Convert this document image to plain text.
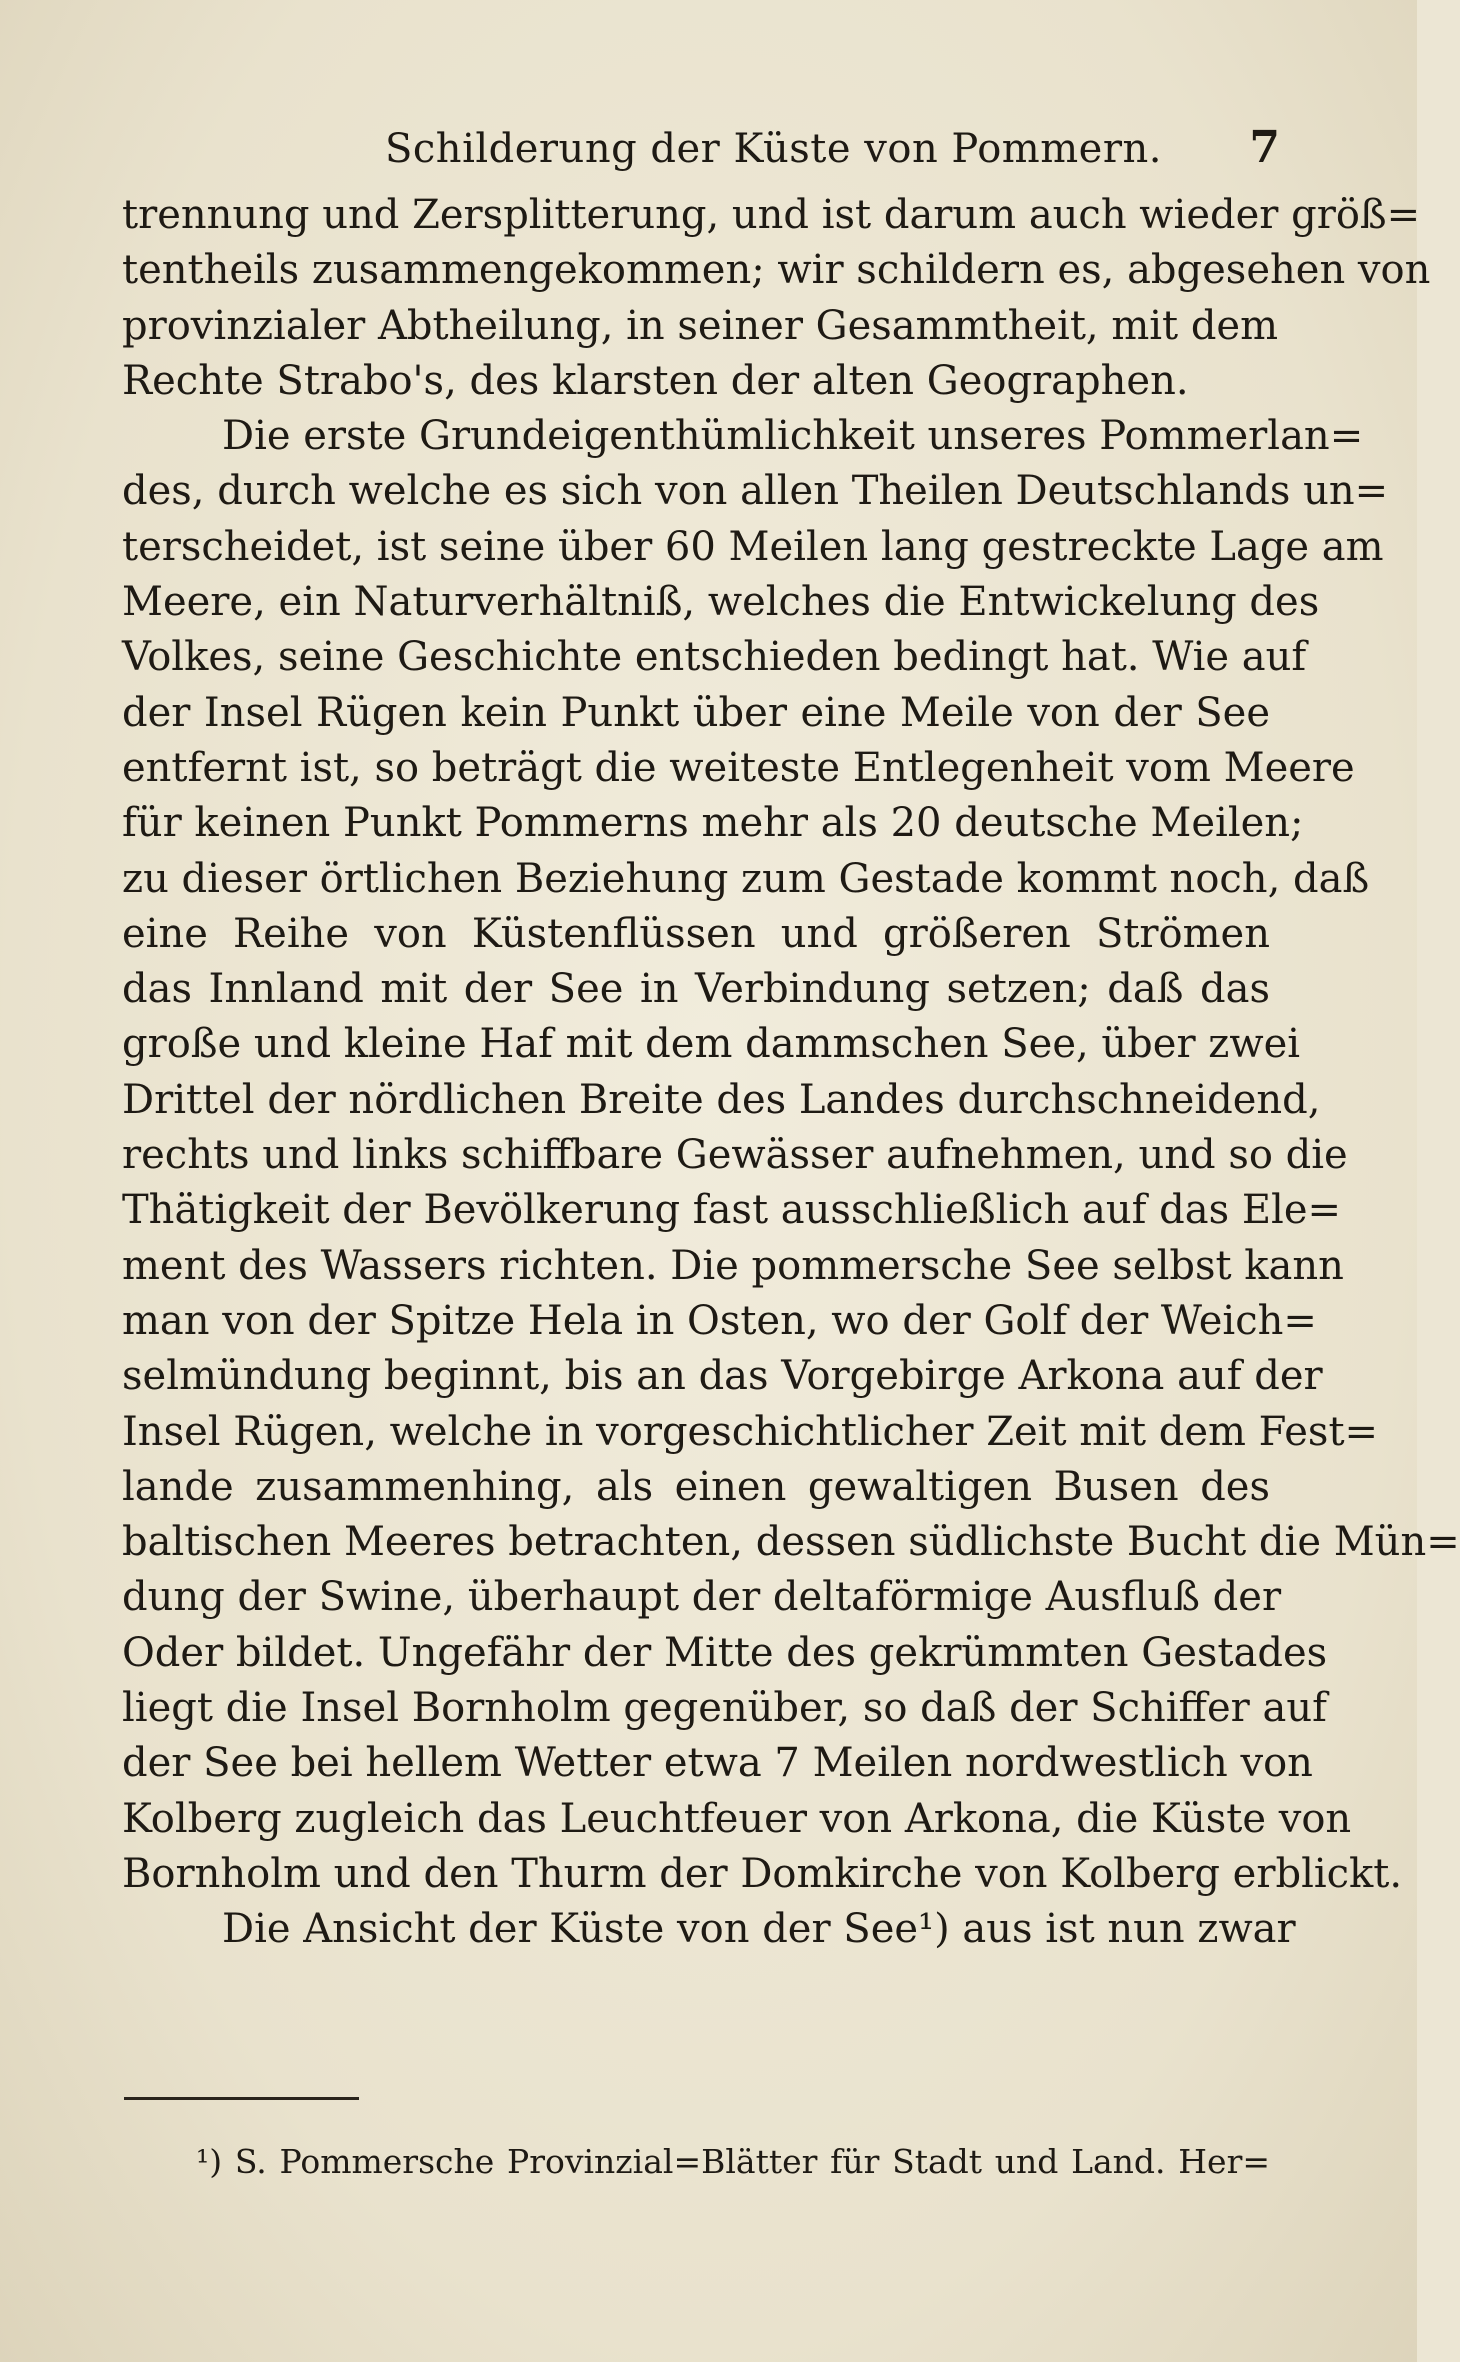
Schilderung der Küste von Pommern. 7
trennung und Zersplitterung, und ist darum auch wieder größ=
tentheils zusammengekommen; wir schildern es, abgesehen von
provinzialer Abtheilung, in seiner Gesammtheit, mit dem
Rechte Strabo's, des klarsten der alten Geographen.
Die erste Grundeigenthümlichkeit unseres Pommerlan=
des, durch welche es sich von allen Theilen Deutschlands un=
terscheidet, ist seine über 60 Meilen lang gestreckte Lage am
Meere, ein Naturverhältniß, welches die Entwickelung des
Volkes, seine Geschichte entschieden bedingt hat. Wie auf
der Insel Rügen kein Punkt über eine Meile von der See
entfernt ist, so beträgt die weiteste Entlegenheit vom Meere
für keinen Punkt Pommerns mehr als 20 deutsche Meilen;
zu dieser örtlichen Beziehung zum Gestade kommt noch, daß
eine Reihe von Küstenflüssen und größeren Strömen
das Innland mit der See in Verbindung setzen; daß das
große und kleine Haf mit dem dammschen See, über zwei
Drittel der nördlichen Breite des Landes durchschneidend,
rechts und links schiffbare Gewässer aufnehmen, und so die
Thätigkeit der Bevölkerung fast ausschließlich auf das Ele=
ment des Wassers richten. Die pommersche See selbst kann
man von der Spitze Hela in Osten, wo der Golf der Weich=
selmündung beginnt, bis an das Vorgebirge Arkona auf der
Insel Rügen, welche in vorgeschichtlicher Zeit mit dem Fest=
lande zusammenhing, als einen gewaltigen Busen des
baltischen Meeres betrachten, dessen südlichste Bucht die Mün=
dung der Swine, überhaupt der deltaförmige Ausfluß der
Oder bildet. Ungefähr der Mitte des gekrümmten Gestades
liegt die Insel Bornholm gegenüber, so daß der Schiffer auf
der See bei hellem Wetter etwa 7 Meilen nordwestlich von
Kolberg zugleich das Leuchtfeuer von Arkona, die Küste von
Bornholm und den Thurm der Domkirche von Kolberg erblickt.
Die Ansicht der Küste von der See¹) aus ist nun zwar
¹) S. Pommersche Provinzial=Blätter für Stadt und Land. Her=
